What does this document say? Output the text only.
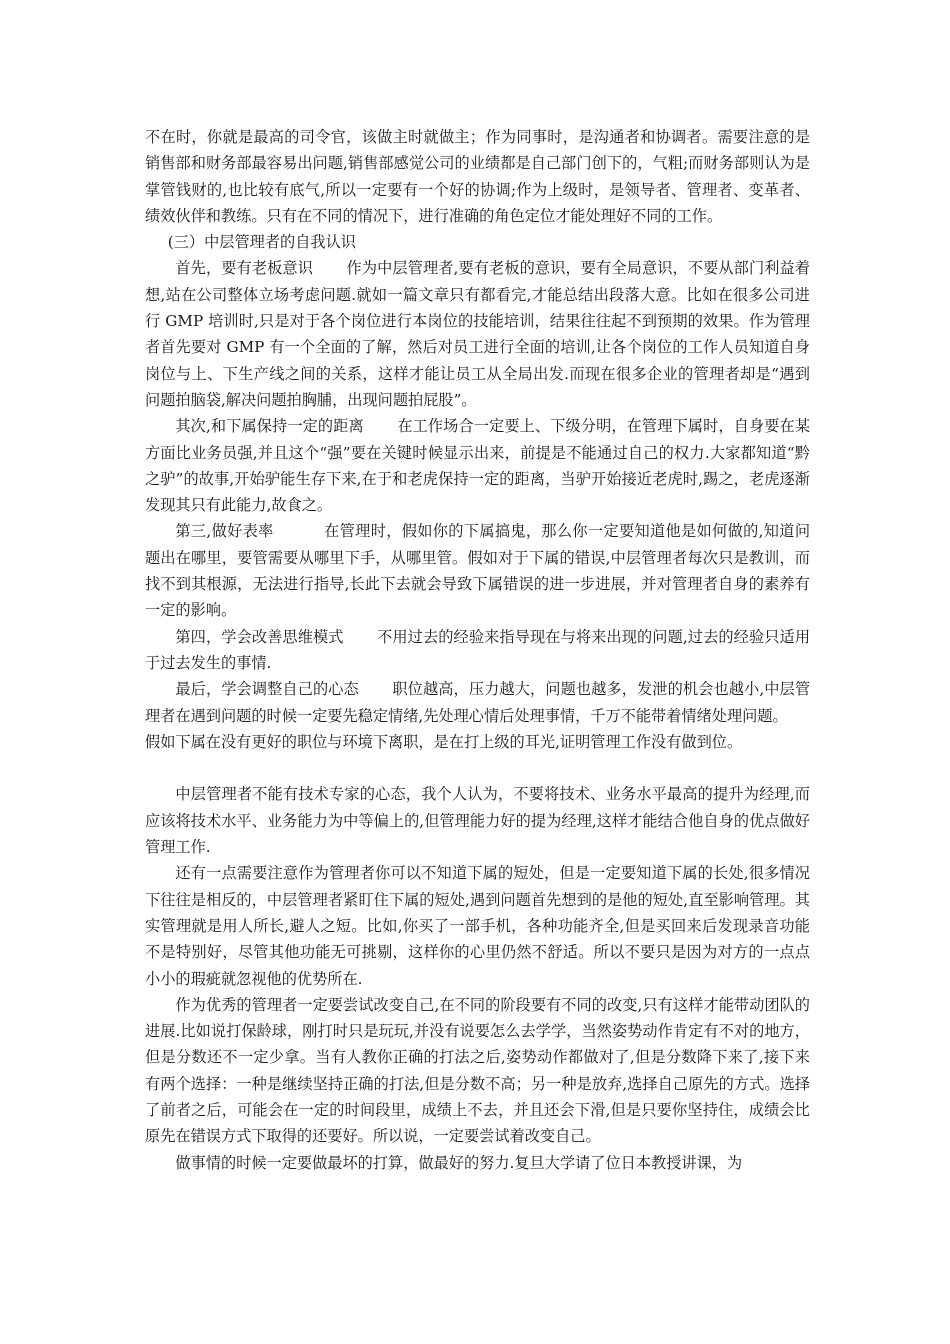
不在时，你就是最高的司令官，该做主时就做主；作为同事时，是沟通者和协调者。需要注意的是销售部和财务部最容易出问题,销售部感觉公司的业绩都是自己部门创下的，气粗;而财务部则认为是掌管钱财的,也比较有底气,所以一定要有一个好的协调;作为上级时，是领导者、管理者、变革者、绩效伙伴和教练。只有在不同的情况下，进行准确的角色定位才能处理好不同的工作。

(三）中层管理者的自我认识

首先，要有老板意识 作为中层管理者,要有老板的意识，要有全局意识，不要从部门利益着想,站在公司整体立场考虑问题.就如一篇文章只有都看完,才能总结出段落大意。比如在很多公司进行 GMP 培训时,只是对于各个岗位进行本岗位的技能培训，结果往往起不到预期的效果。作为管理者首先要对 GMP 有一个全面的了解，然后对员工进行全面的培训,让各个岗位的工作人员知道自身岗位与上、下生产线之间的关系，这样才能让员工从全局出发.而现在很多企业的管理者却是“遇到问题拍脑袋,解决问题拍胸脯，出现问题拍屁股”。

其次,和下属保持一定的距离 在工作场合一定要上、下级分明，在管理下属时，自身要在某方面比业务员强,并且这个“强”要在关键时候显示出来，前提是不能通过自己的权力.大家都知道“黔之驴”的故事,开始驴能生存下来,在于和老虎保持一定的距离，当驴开始接近老虎时,踢之，老虎逐渐发现其只有此能力,故食之。

第三,做好表率	在管理时，假如你的下属搞鬼，那么你一定要知道他是如何做的,知道问题出在哪里，要管需要从哪里下手，从哪里管。假如对于下属的错误,中层管理者每次只是教训，而找不到其根源，无法进行指导,长此下去就会导致下属错误的进一步进展，并对管理者自身的素养有一定的影响。

第四，学会改善思维模式 不用过去的经验来指导现在与将来出现的问题,过去的经验只适用于过去发生的事情.

最后，学会调整自己的心态 职位越高，压力越大，问题也越多，发泄的机会也越小,中层管理者在遇到问题的时候一定要先稳定情绪,先处理心情后处理事情，千万不能带着情绪处理问题。

假如下属在没有更好的职位与环境下离职，是在打上级的耳光,证明管理工作没有做到位。

中层管理者不能有技术专家的心态，我个人认为，不要将技术、业务水平最高的提升为经理,而应该将技术水平、业务能力为中等偏上的,但管理能力好的提为经理,这样才能结合他自身的优点做好管理工作.

还有一点需要注意作为管理者你可以不知道下属的短处，但是一定要知道下属的长处,很多情况下往往是相反的，中层管理者紧盯住下属的短处,遇到问题首先想到的是他的短处,直至影响管理。其实管理就是用人所长,避人之短。比如,你买了一部手机，各种功能齐全,但是买回来后发现录音功能不是特别好，尽管其他功能无可挑剔，这样你的心里仍然不舒适。所以不要只是因为对方的一点点小小的瑕疵就忽视他的优势所在.

作为优秀的管理者一定要尝试改变自己,在不同的阶段要有不同的改变,只有这样才能带动团队的进展.比如说打保龄球，刚打时只是玩玩,并没有说要怎么去学学，当然姿势动作肯定有不对的地方，但是分数还不一定少拿。当有人教你正确的打法之后,姿势动作都做对了,但是分数降下来了,接下来有两个选择：一种是继续坚持正确的打法,但是分数不高；另一种是放弃,选择自己原先的方式。选择了前者之后，可能会在一定的时间段里，成绩上不去，并且还会下滑,但是只要你坚持住，成绩会比原先在错误方式下取得的还要好。所以说，一定要尝试着改变自己。

做事情的时候一定要做最坏的打算，做最好的努力.复旦大学请了位日本教授讲课，为
